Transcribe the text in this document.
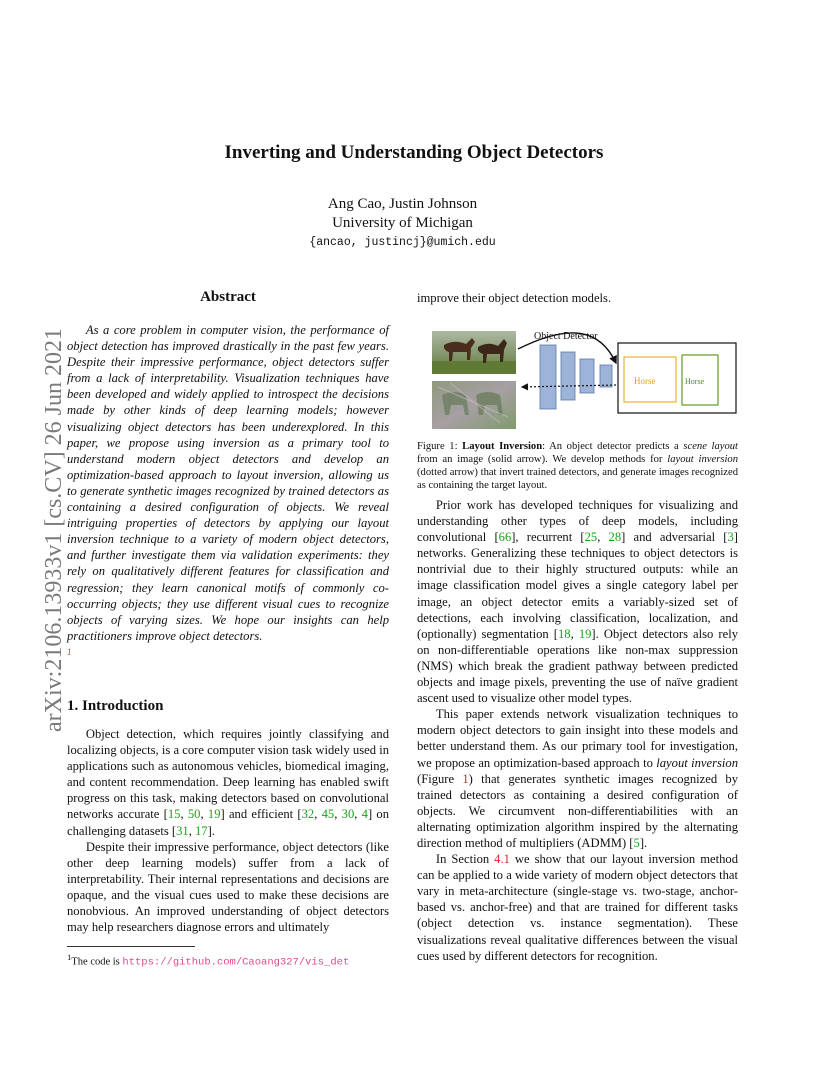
Inverting and Understanding Object Detectors
Ang Cao, Justin Johnson
University of Michigan
{ancao, justincj}@umich.edu
arXiv:2106.13933v1 [cs.CV] 26 Jun 2021
Abstract

As a core problem in computer vision, the performance of object detection has improved drastically in the past few years. Despite their impressive performance, object detectors suffer from a lack of interpretability. Visualization techniques have been developed and widely applied to introspect the decisions made by other kinds of deep learning models; however visualizing object detectors has been underexplored. In this paper, we propose using inversion as a primary tool to understand modern object detectors and develop an optimization-based approach to layout inversion, allowing us to generate synthetic images recognized by trained detectors as containing a desired configuration of objects. We reveal intriguing properties of detectors by applying our layout inversion technique to a variety of modern object detectors, and further investigate them via validation experiments: they rely on qualitatively different features for classification and regression; they learn canonical motifs of commonly co-occurring objects; they use different visual cues to recognize objects of varying sizes. We hope our insights can help practitioners improve object detectors.
$^1$

1. Introduction

Object detection, which requires jointly classifying and localizing objects, is a core computer vision task widely used in applications such as autonomous vehicles, biomedical imaging, and content recommendation. Deep learning has enabled swift progress on this task, making detectors based on convolutional networks accurate [15, 50, 19] and efficient [32, 45, 30, 4] on challenging datasets [31, 17].

Despite their impressive performance, object detectors (like other deep learning models) suffer from a lack of interpretability. Their internal representations and decisions are opaque, and the visual cues used to make these decisions are nonobvious. An improved understanding of object detectors may help researchers diagnose errors and ultimately

$^1$The code is https://github.com/Caoang327/vis_det
improve their object detection models.
Object Detector
Horse	Horse
Figure 1: Layout Inversion: An object detector predicts a scene layout from an image (solid arrow). We develop methods for layout inversion (dotted arrow) that invert trained detectors, and generate images recognized as containing the target layout.

Prior work has developed techniques for visualizing and understanding other types of deep models, including convolutional [66], recurrent [25, 28] and adversarial [3] networks. Generalizing these techniques to object detectors is nontrivial due to their highly structured outputs: while an image classification model gives a single category label per image, an object detector emits a variably-sized set of detections, each involving classification, localization, and (optionally) segmentation [18, 19]. Object detectors also rely on non-differentiable operations like non-max suppression (NMS) which break the gradient pathway between predicted objects and image pixels, preventing the use of naïve gradient ascent used to visualize other model types.

This paper extends network visualization techniques to modern object detectors to gain insight into these models and better understand them. As our primary tool for investigation, we propose an optimization-based approach to layout inversion (Figure 1) that generates synthetic images recognized by trained detectors as containing a desired configuration of objects. We circumvent non-differentiabilities with an alternating optimization algorithm inspired by the alternating direction method of multipliers (ADMM) [5].

In Section 4.1 we show that our layout inversion method can be applied to a wide variety of modern object detectors that vary in meta-architecture (single-stage vs. two-stage, anchor-based vs. anchor-free) and that are trained for different tasks (object detection vs. instance segmentation). These visualizations reveal qualitative differences between the visual cues used by different detectors for recognition.
